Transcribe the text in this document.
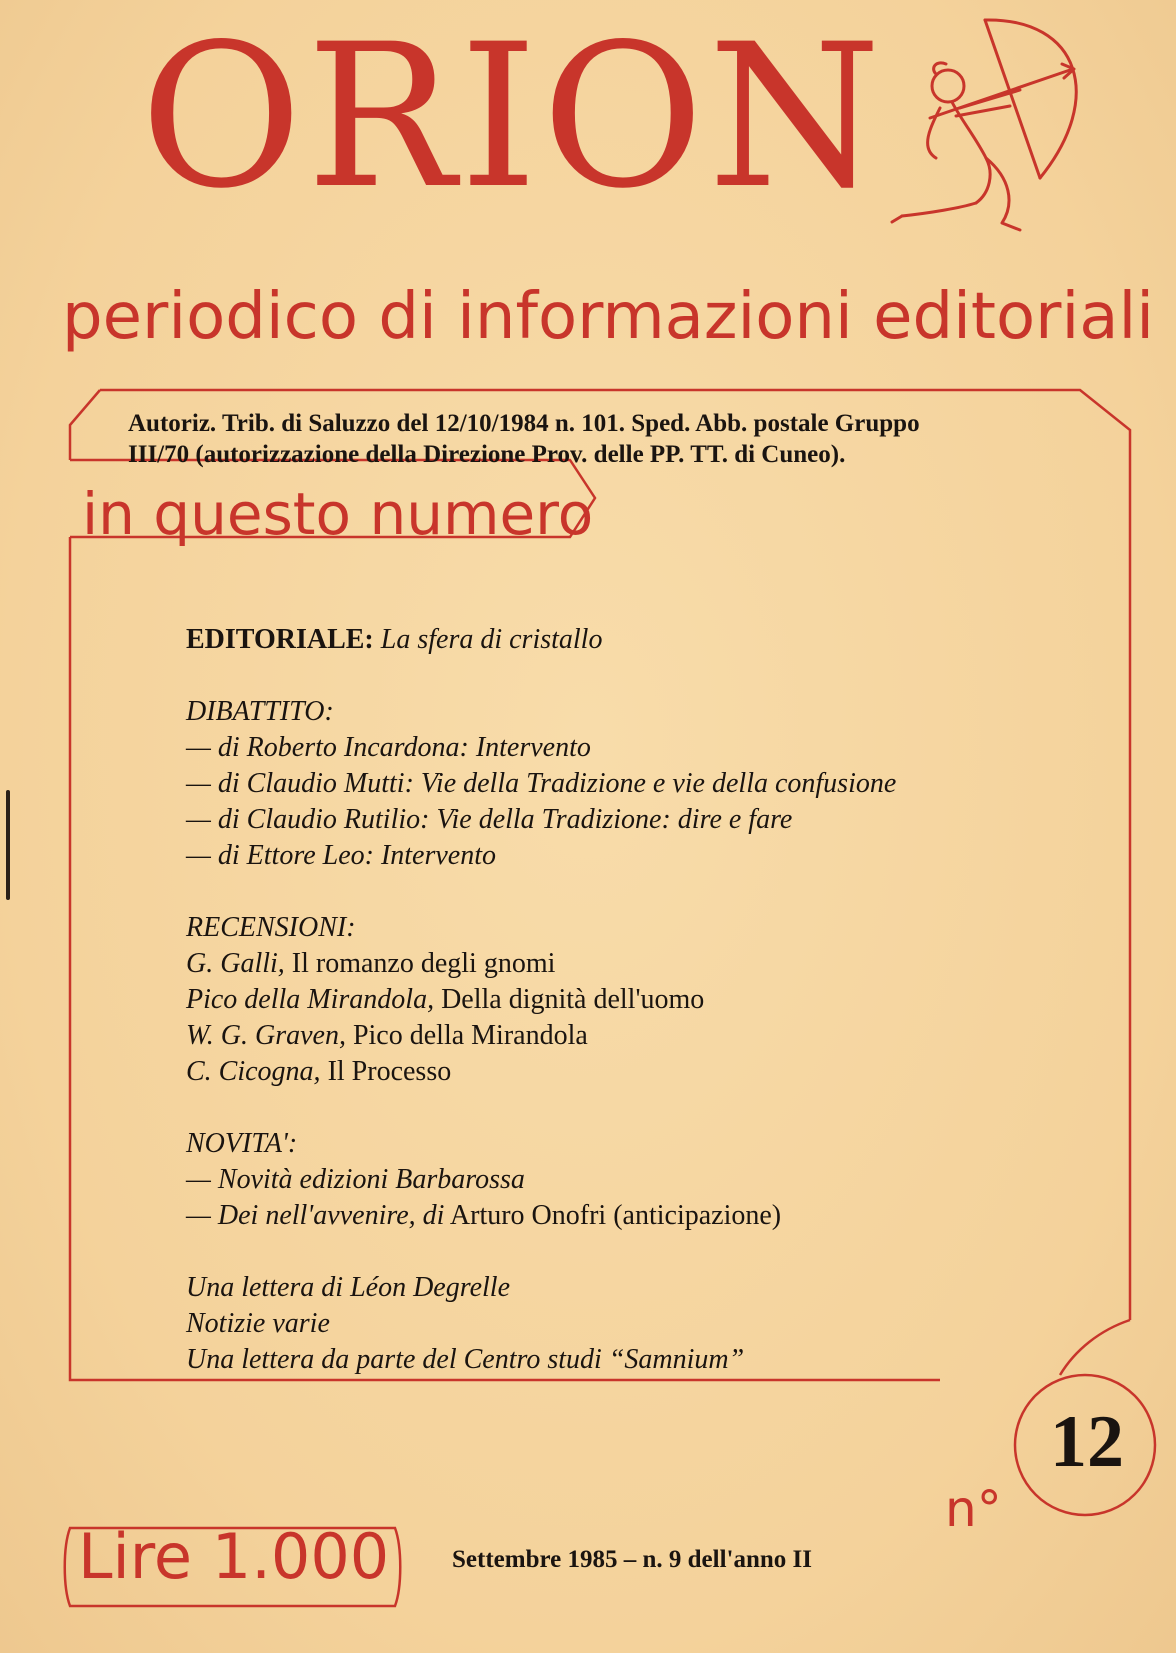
ORION
periodico di informazioni editoriali
Autoriz. Trib. di Saluzzo del 12/10/1984 n. 101. Sped. Abb. postale Gruppo
III/70 (autorizzazione della Direzione Prov. delle PP. TT. di Cuneo).
in questo numero
EDITORIALE: La sfera di cristallo
DIBATTITO:
— di Roberto Incardona: Intervento
— di Claudio Mutti: Vie della Tradizione e vie della confusione
— di Claudio Rutilio: Vie della Tradizione: dire e fare
— di Ettore Leo: Intervento
RECENSIONI:
G. Galli, Il romanzo degli gnomi
Pico della Mirandola, Della dignità dell'uomo
W. G. Graven, Pico della Mirandola
C. Cicogna, Il Processo
NOVITA':
— Novità edizioni Barbarossa
— Dei nell'avvenire, di Arturo Onofri (anticipazione)
Una lettera di Léon Degrelle
Notizie varie
Una lettera da parte del Centro studi “Samnium”
12
n°
Lire 1.000	Settembre 1985 – n. 9 dell'anno II
